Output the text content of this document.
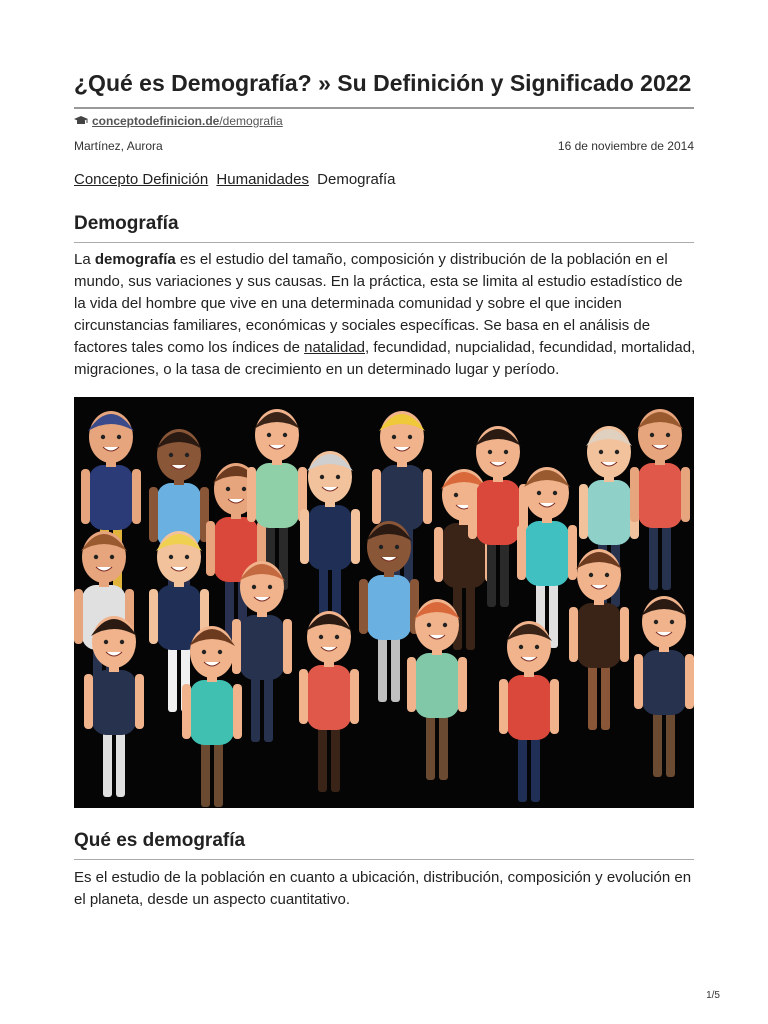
¿Qué es Demografía? » Su Definición y Significado 2022
conceptodefinicion.de/demografia
Martínez, Aurora	16 de noviembre de 2014
Concepto Definición Humanidades Demografía
Demografía

La demografía es el estudio del tamaño, composición y distribución de la población en el mundo, sus variaciones y sus causas. En la práctica, esta se limita al estudio estadístico de la vida del hombre que vive en una determinada comunidad y sobre el que inciden circunstancias familiares, económicas y sociales específicas. Se basa en el análisis de factores tales como los índices de natalidad, fecundidad, nupcialidad, fecundidad, mortalidad, migraciones, o la tasa de crecimiento en un determinado lugar y período.

Qué es demografía

Es el estudio de la población en cuanto a ubicación, distribución, composición y evolución en el planeta, desde un aspecto cuantitativo.

1/5
